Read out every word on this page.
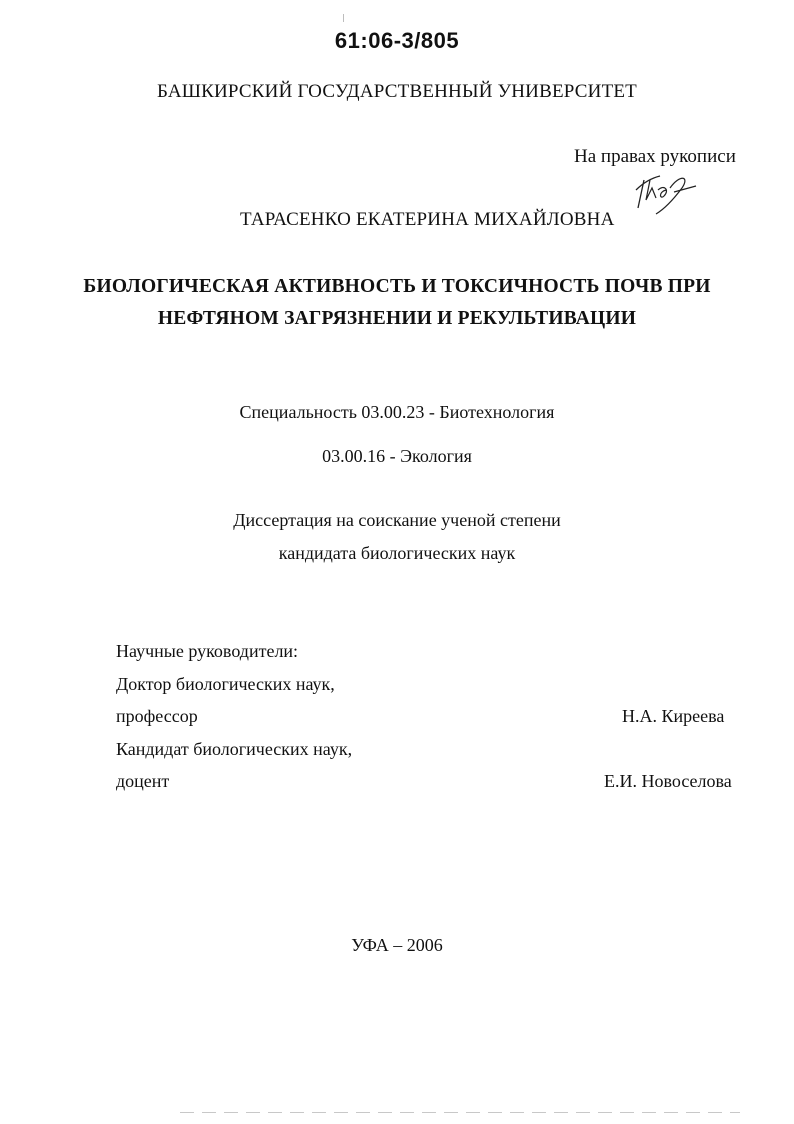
61:06-3/805
БАШКИРСКИЙ ГОСУДАРСТВЕННЫЙ УНИВЕРСИТЕТ
На правах рукописи
ТАРАСЕНКО ЕКАТЕРИНА МИХАЙЛОВНА
БИОЛОГИЧЕСКАЯ АКТИВНОСТЬ И ТОКСИЧНОСТЬ ПОЧВ ПРИ
НЕФТЯНОМ ЗАГРЯЗНЕНИИ И РЕКУЛЬТИВАЦИИ
Специальность 03.00.23 - Биотехнология
03.00.16 - Экология
Диссертация на соискание ученой степени
кандидата биологических наук
Научные руководители:
Доктор биологических наук,
профессор	Н.А. Киреева
Кандидат биологических наук,
доцент	Е.И. Новоселова
УФА – 2006
